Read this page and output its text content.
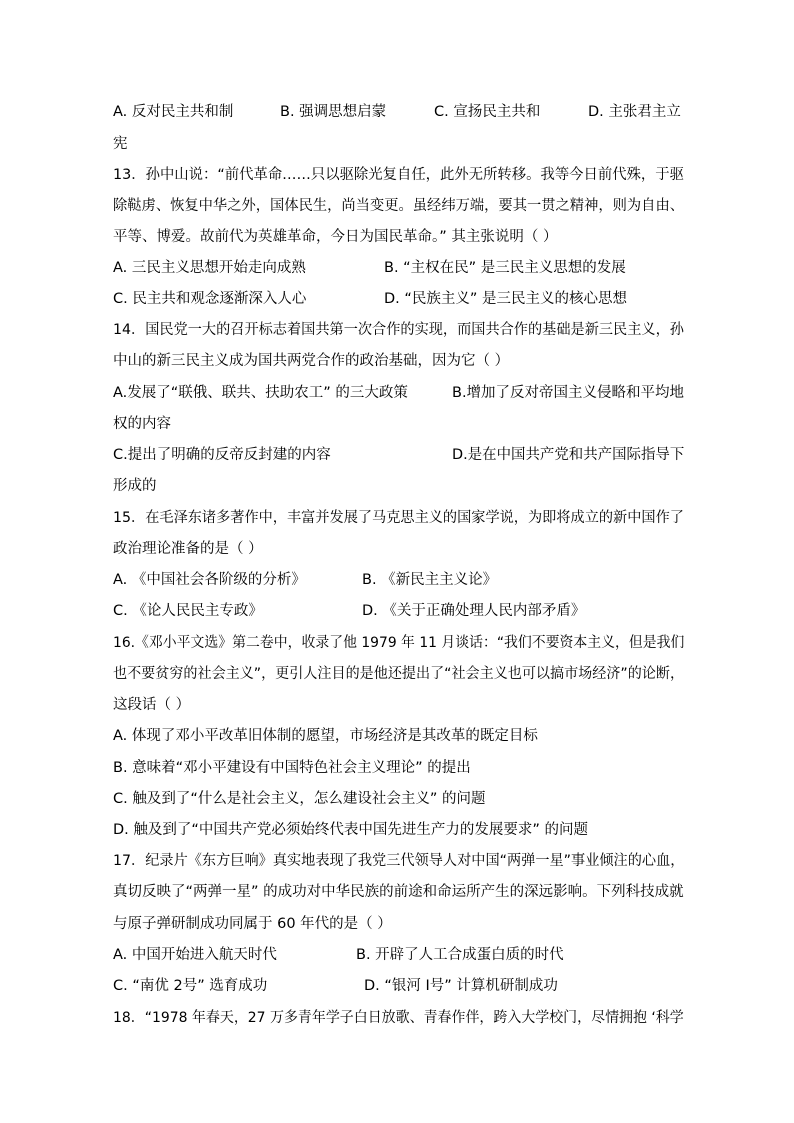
A. 反对民主共和制	B. 强调思想启蒙	C. 宣扬民主共和	D. 主张君主立
宪
13．孙中山说：“前代革命……只以驱除光复自任，此外无所转移。我等今日前代殊，于驱
除鞑虏、恢复中华之外，国体民生，尚当变更。虽经纬万端，要其一贯之精神，则为自由、
平等、博爱。故前代为英雄革命，今日为国民革命。” 其主张说明（ ）
A. 三民主义思想开始走向成熟	B. “主权在民” 是三民主义思想的发展
C. 民主共和观念逐渐深入人心	D. “民族主义” 是三民主义的核心思想
14．国民党一大的召开标志着国共第一次合作的实现，而国共合作的基础是新三民主义，孙
中山的新三民主义成为国共两党合作的政治基础，因为它（ ）
A.发展了“联俄、联共、扶助农工” 的三大政策	B.增加了反对帝国主义侵略和平均地
权的内容
C.提出了明确的反帝反封建的内容	D.是在中国共产党和共产国际指导下
形成的
15．在毛泽东诸多著作中，丰富并发展了马克思主义的国家学说，为即将成立的新中国作了
政治理论准备的是（ ）
A. 《中国社会各阶级的分析》	B. 《新民主主义论》
C. 《论人民民主专政》	D. 《关于正确处理人民内部矛盾》
16.《邓小平文选》第二卷中，收录了他 1979 年 11 月谈话：“我们不要资本主义，但是我们
也不要贫穷的社会主义”，更引人注目的是他还提出了“社会主义也可以搞市场经济”的论断，
这段话（ ）
A. 体现了邓小平改革旧体制的愿望，市场经济是其改革的既定目标
B. 意味着“邓小平建设有中国特色社会主义理论” 的提出
C. 触及到了“什么是社会主义，怎么建设社会主义” 的问题
D. 触及到了“中国共产党必须始终代表中国先进生产力的发展要求” 的问题
17．纪录片《东方巨响》真实地表现了我党三代领导人对中国“两弹一星”事业倾注的心血，
真切反映了“两弹一星” 的成功对中华民族的前途和命运所产生的深远影响。下列科技成就
与原子弹研制成功同属于 60 年代的是（ ）
A. 中国开始进入航天时代	B. 开辟了人工合成蛋白质的时代
C. “南优 2号” 选育成功	D. “银河 Ⅰ号” 计算机研制成功
18．“1978 年春天，27 万多青年学子白日放歌、青春作伴，跨入大学校门，尽情拥抱 ‘科学
